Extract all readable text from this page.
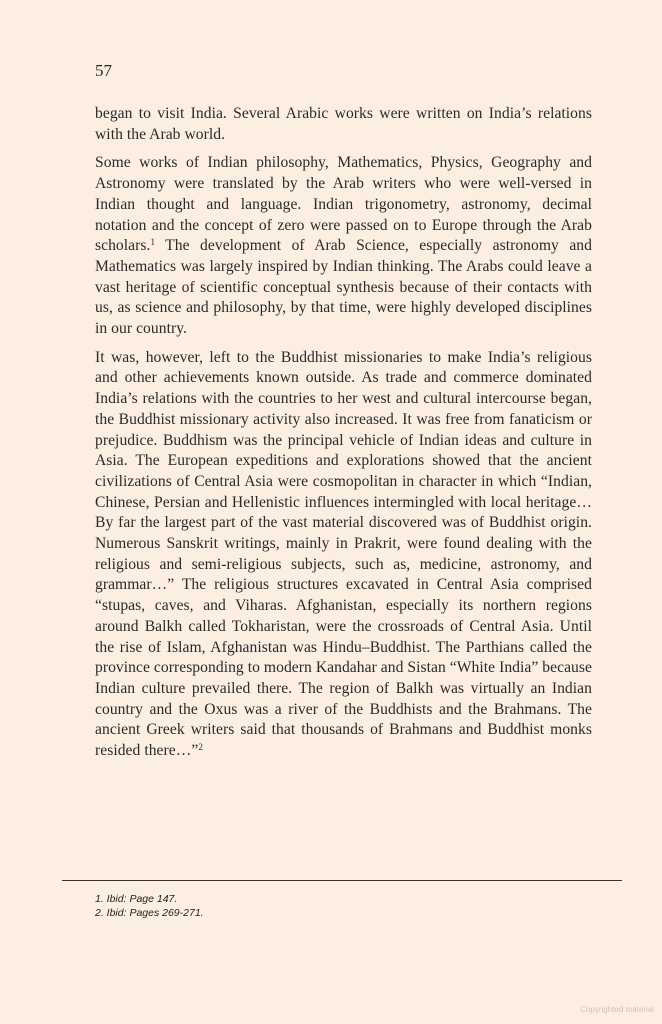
57

began to visit India. Several Arabic works were written on India’s relations with the Arab world.

Some works of Indian philosophy, Mathematics, Physics, Geography and Astronomy were translated by the Arab writers who were well-versed in Indian thought and language. Indian trigonometry, astronomy, decimal notation and the concept of zero were passed on to Europe through the Arab scholars.$^1$ The development of Arab Science, especially astronomy and Mathematics was largely inspired by Indian thinking. The Arabs could leave a vast heritage of scientific conceptual synthesis because of their contacts with us, as science and philosophy, by that time, were highly developed disciplines in our country.

It was, however, left to the Buddhist missionaries to make India’s religious and other achievements known outside. As trade and commerce dominated India’s relations with the countries to her west and cultural intercourse began, the Buddhist missionary activity also increased. It was free from fanaticism or prejudice. Buddhism was the principal vehicle of Indian ideas and culture in Asia. The European expeditions and explorations showed that the ancient civilizations of Central Asia were cosmopolitan in character in which “Indian, Chinese, Persian and Hellenistic influences intermingled with local heritage…By far the largest part of the vast material discovered was of Buddhist origin. Numerous Sanskrit writings, mainly in Prakrit, were found dealing with the religious and semi-religious subjects, such as, medicine, astronomy, and grammar…” The religious structures excavated in Central Asia comprised “stupas, caves, and Viharas. Afghanistan, especially its northern regions around Balkh called Tokharistan, were the crossroads of Central Asia. Until the rise of Islam, Afghanistan was Hindu–Buddhist. The Parthians called the province corresponding to modern Kandahar and Sistan “White India” because Indian culture prevailed there. The region of Balkh was virtually an Indian country and the Oxus was a river of the Buddhists and the Brahmans. The ancient Greek writers said that thousands of Brahmans and Buddhist monks resided there…”$^2$

1. Ibid: Page 147.
2. Ibid: Pages 269-271.
Copyrighted material
